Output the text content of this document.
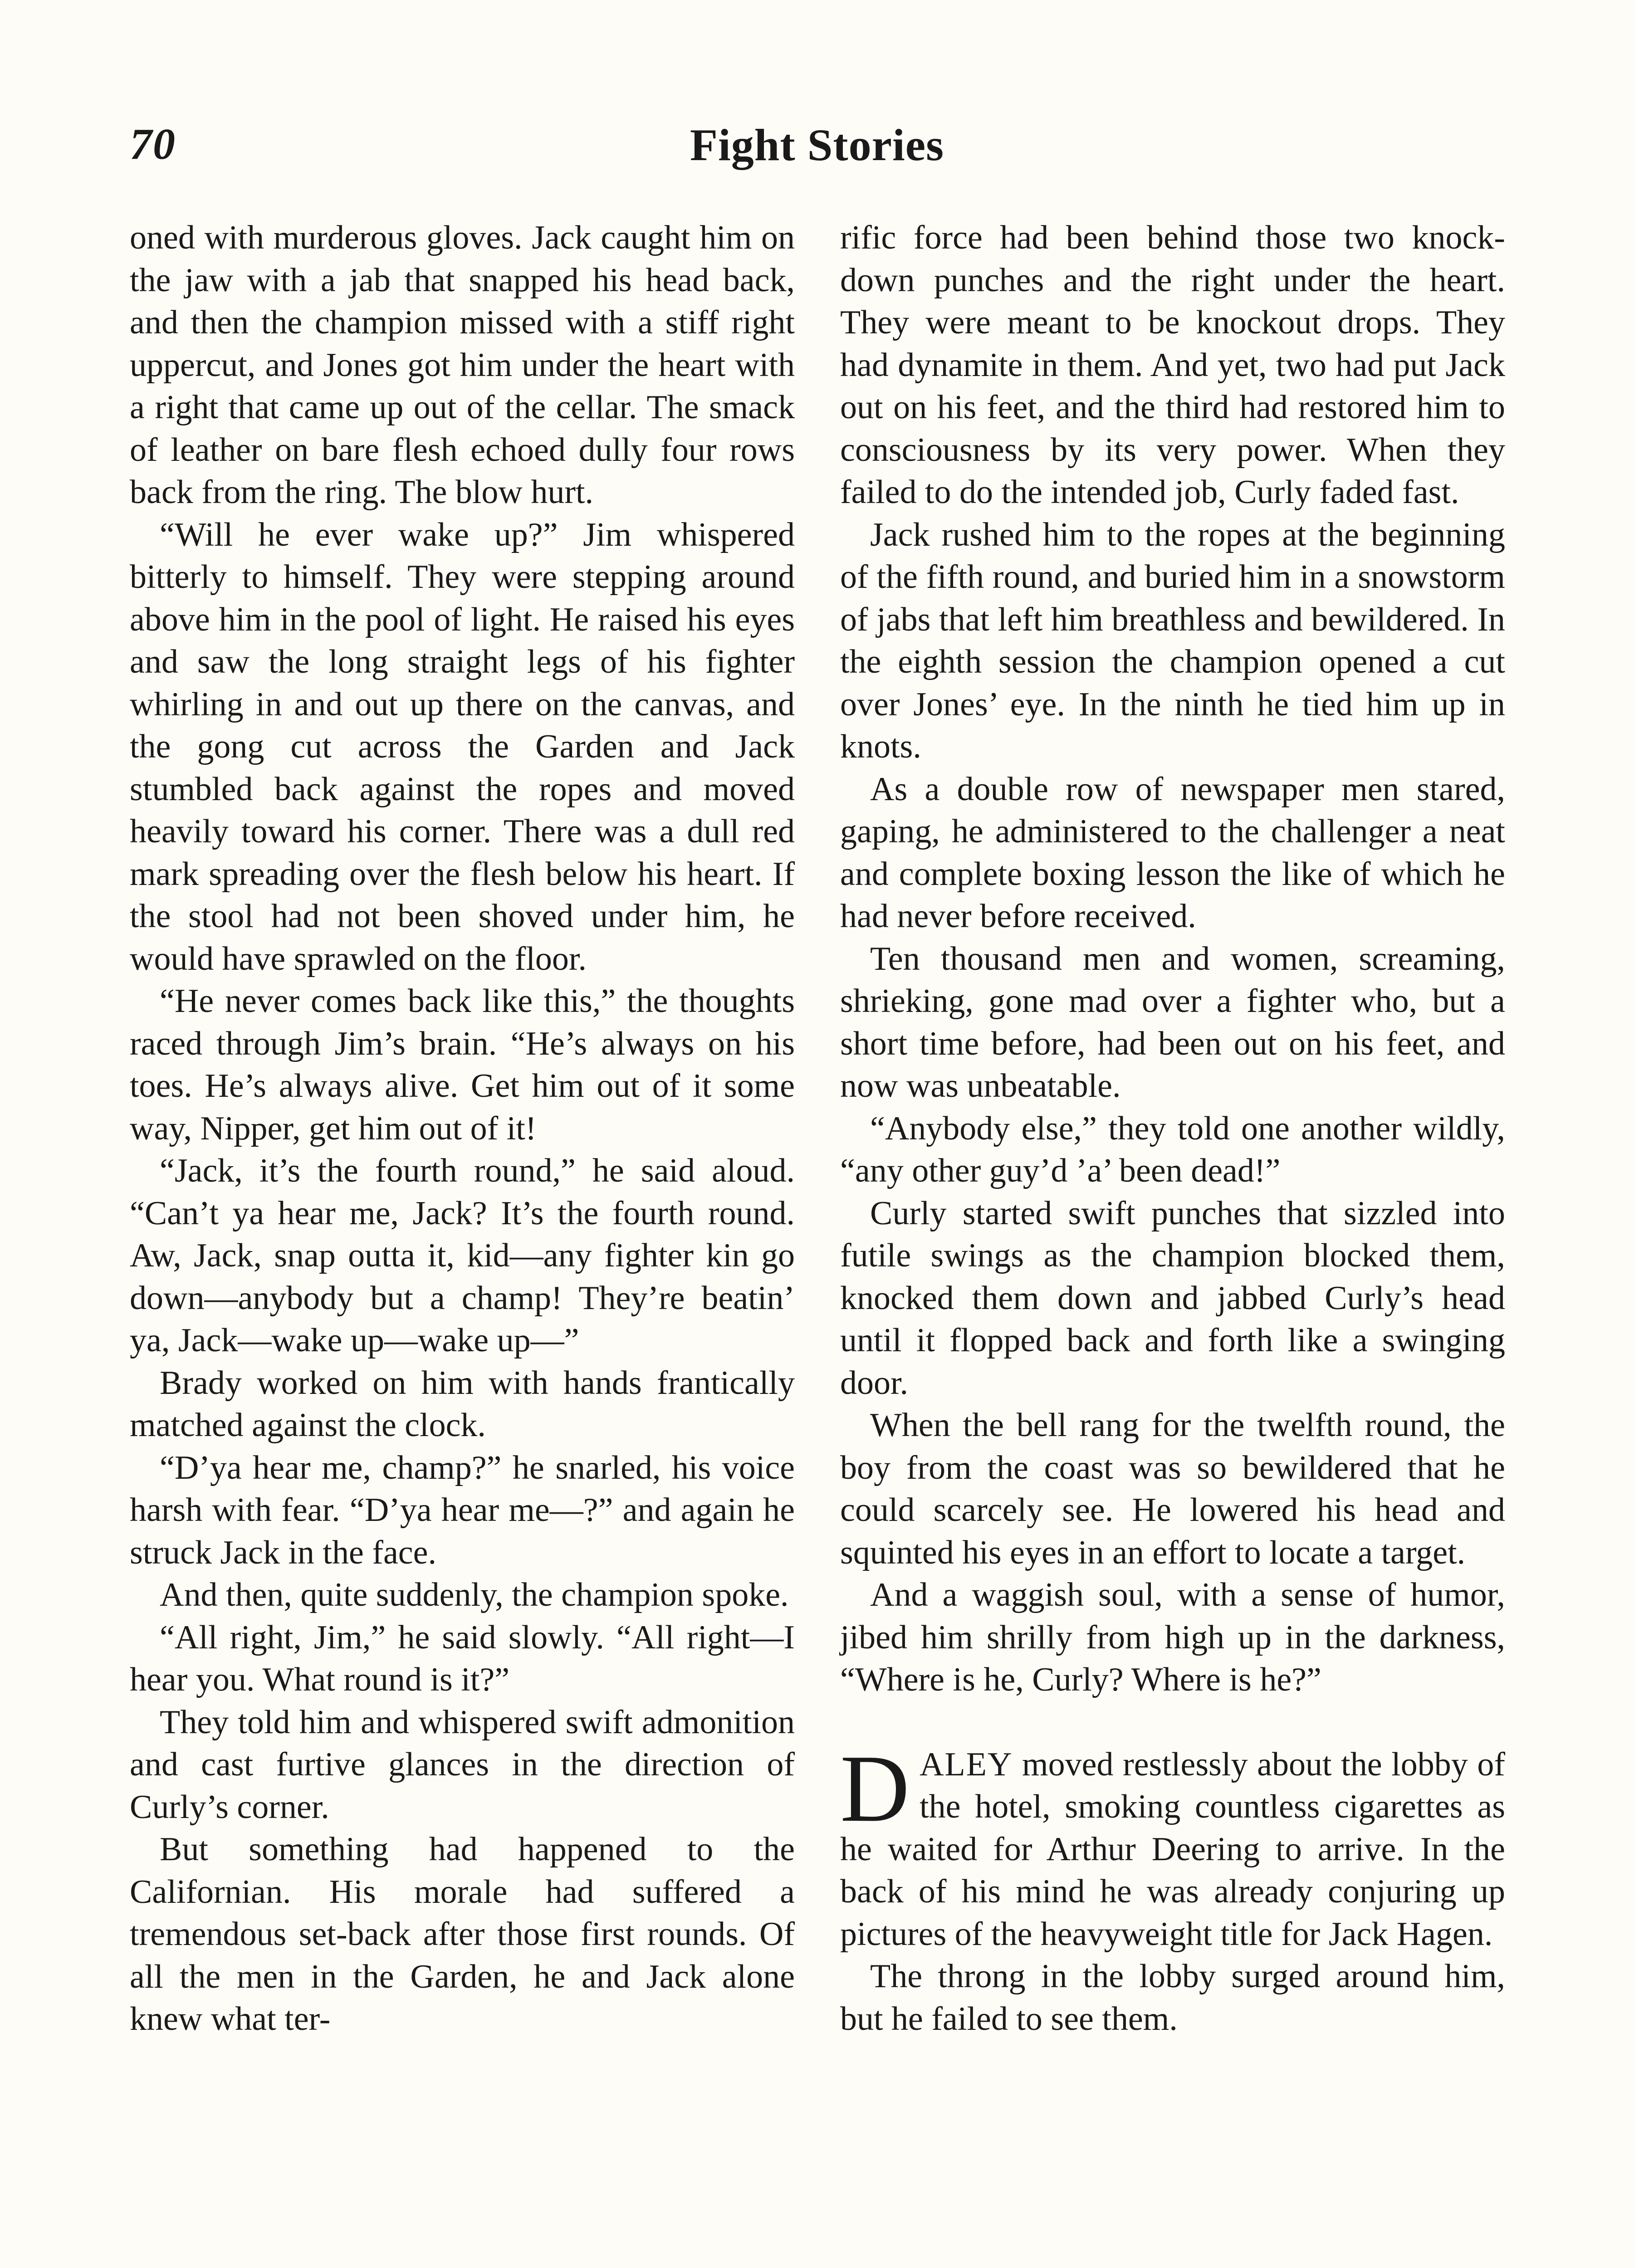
70	Fight Stories

oned with murderous gloves. Jack caught him on the jaw with a jab that snapped his head back, and then the champion missed with a stiff right uppercut, and Jones got him under the heart with a right that came up out of the cellar. The smack of leather on bare flesh echoed dully four rows back from the ring. The blow hurt.

“Will he ever wake up?” Jim whispered bitterly to himself. They were stepping around above him in the pool of light. He raised his eyes and saw the long straight legs of his fighter whirling in and out up there on the canvas, and the gong cut across the Garden and Jack stumbled back against the ropes and moved heavily toward his corner. There was a dull red mark spreading over the flesh below his heart. If the stool had not been shoved under him, he would have sprawled on the floor.

“He never comes back like this,” the thoughts raced through Jim’s brain. “He’s always on his toes. He’s always alive. Get him out of it some way, Nipper, get him out of it!

“Jack, it’s the fourth round,” he said aloud. “Can’t ya hear me, Jack? It’s the fourth round. Aw, Jack, snap outta it, kid—any fighter kin go down—anybody but a champ! They’re beatin’ ya, Jack—wake up—wake up—”

Brady worked on him with hands frantically matched against the clock.

“D’ya hear me, champ?” he snarled, his voice harsh with fear. “D’ya hear me—?” and again he struck Jack in the face.

And then, quite suddenly, the champion spoke.

“All right, Jim,” he said slowly. “All right—I hear you. What round is it?”

They told him and whispered swift admonition and cast furtive glances in the direction of Curly’s corner.

But something had happened to the Californian. His morale had suffered a tremendous set-back after those first rounds. Of all the men in the Garden, he and Jack alone knew what ter-

rific force had been behind those two knock-down punches and the right under the heart. They were meant to be knockout drops. They had dynamite in them. And yet, two had put Jack out on his feet, and the third had restored him to consciousness by its very power. When they failed to do the intended job, Curly faded fast.

Jack rushed him to the ropes at the beginning of the fifth round, and buried him in a snowstorm of jabs that left him breathless and bewildered. In the eighth session the champion opened a cut over Jones’ eye. In the ninth he tied him up in knots.

As a double row of newspaper men stared, gaping, he administered to the challenger a neat and complete boxing lesson the like of which he had never before received.

Ten thousand men and women, screaming, shrieking, gone mad over a fighter who, but a short time before, had been out on his feet, and now was unbeatable.

“Anybody else,” they told one another wildly, “any other guy’d ’a’ been dead!”

Curly started swift punches that sizzled into futile swings as the champion blocked them, knocked them down and jabbed Curly’s head until it flopped back and forth like a swinging door.

When the bell rang for the twelfth round, the boy from the coast was so bewildered that he could scarcely see. He lowered his head and squinted his eyes in an effort to locate a target.

And a waggish soul, with a sense of humor, jibed him shrilly from high up in the darkness, “Where is he, Curly? Where is he?”

DALEY moved restlessly about the lobby of the hotel, smoking countless cigarettes as he waited for Arthur Deering to arrive. In the back of his mind he was already conjuring up pictures of the heavyweight title for Jack Hagen.

The throng in the lobby surged around him, but he failed to see them.
